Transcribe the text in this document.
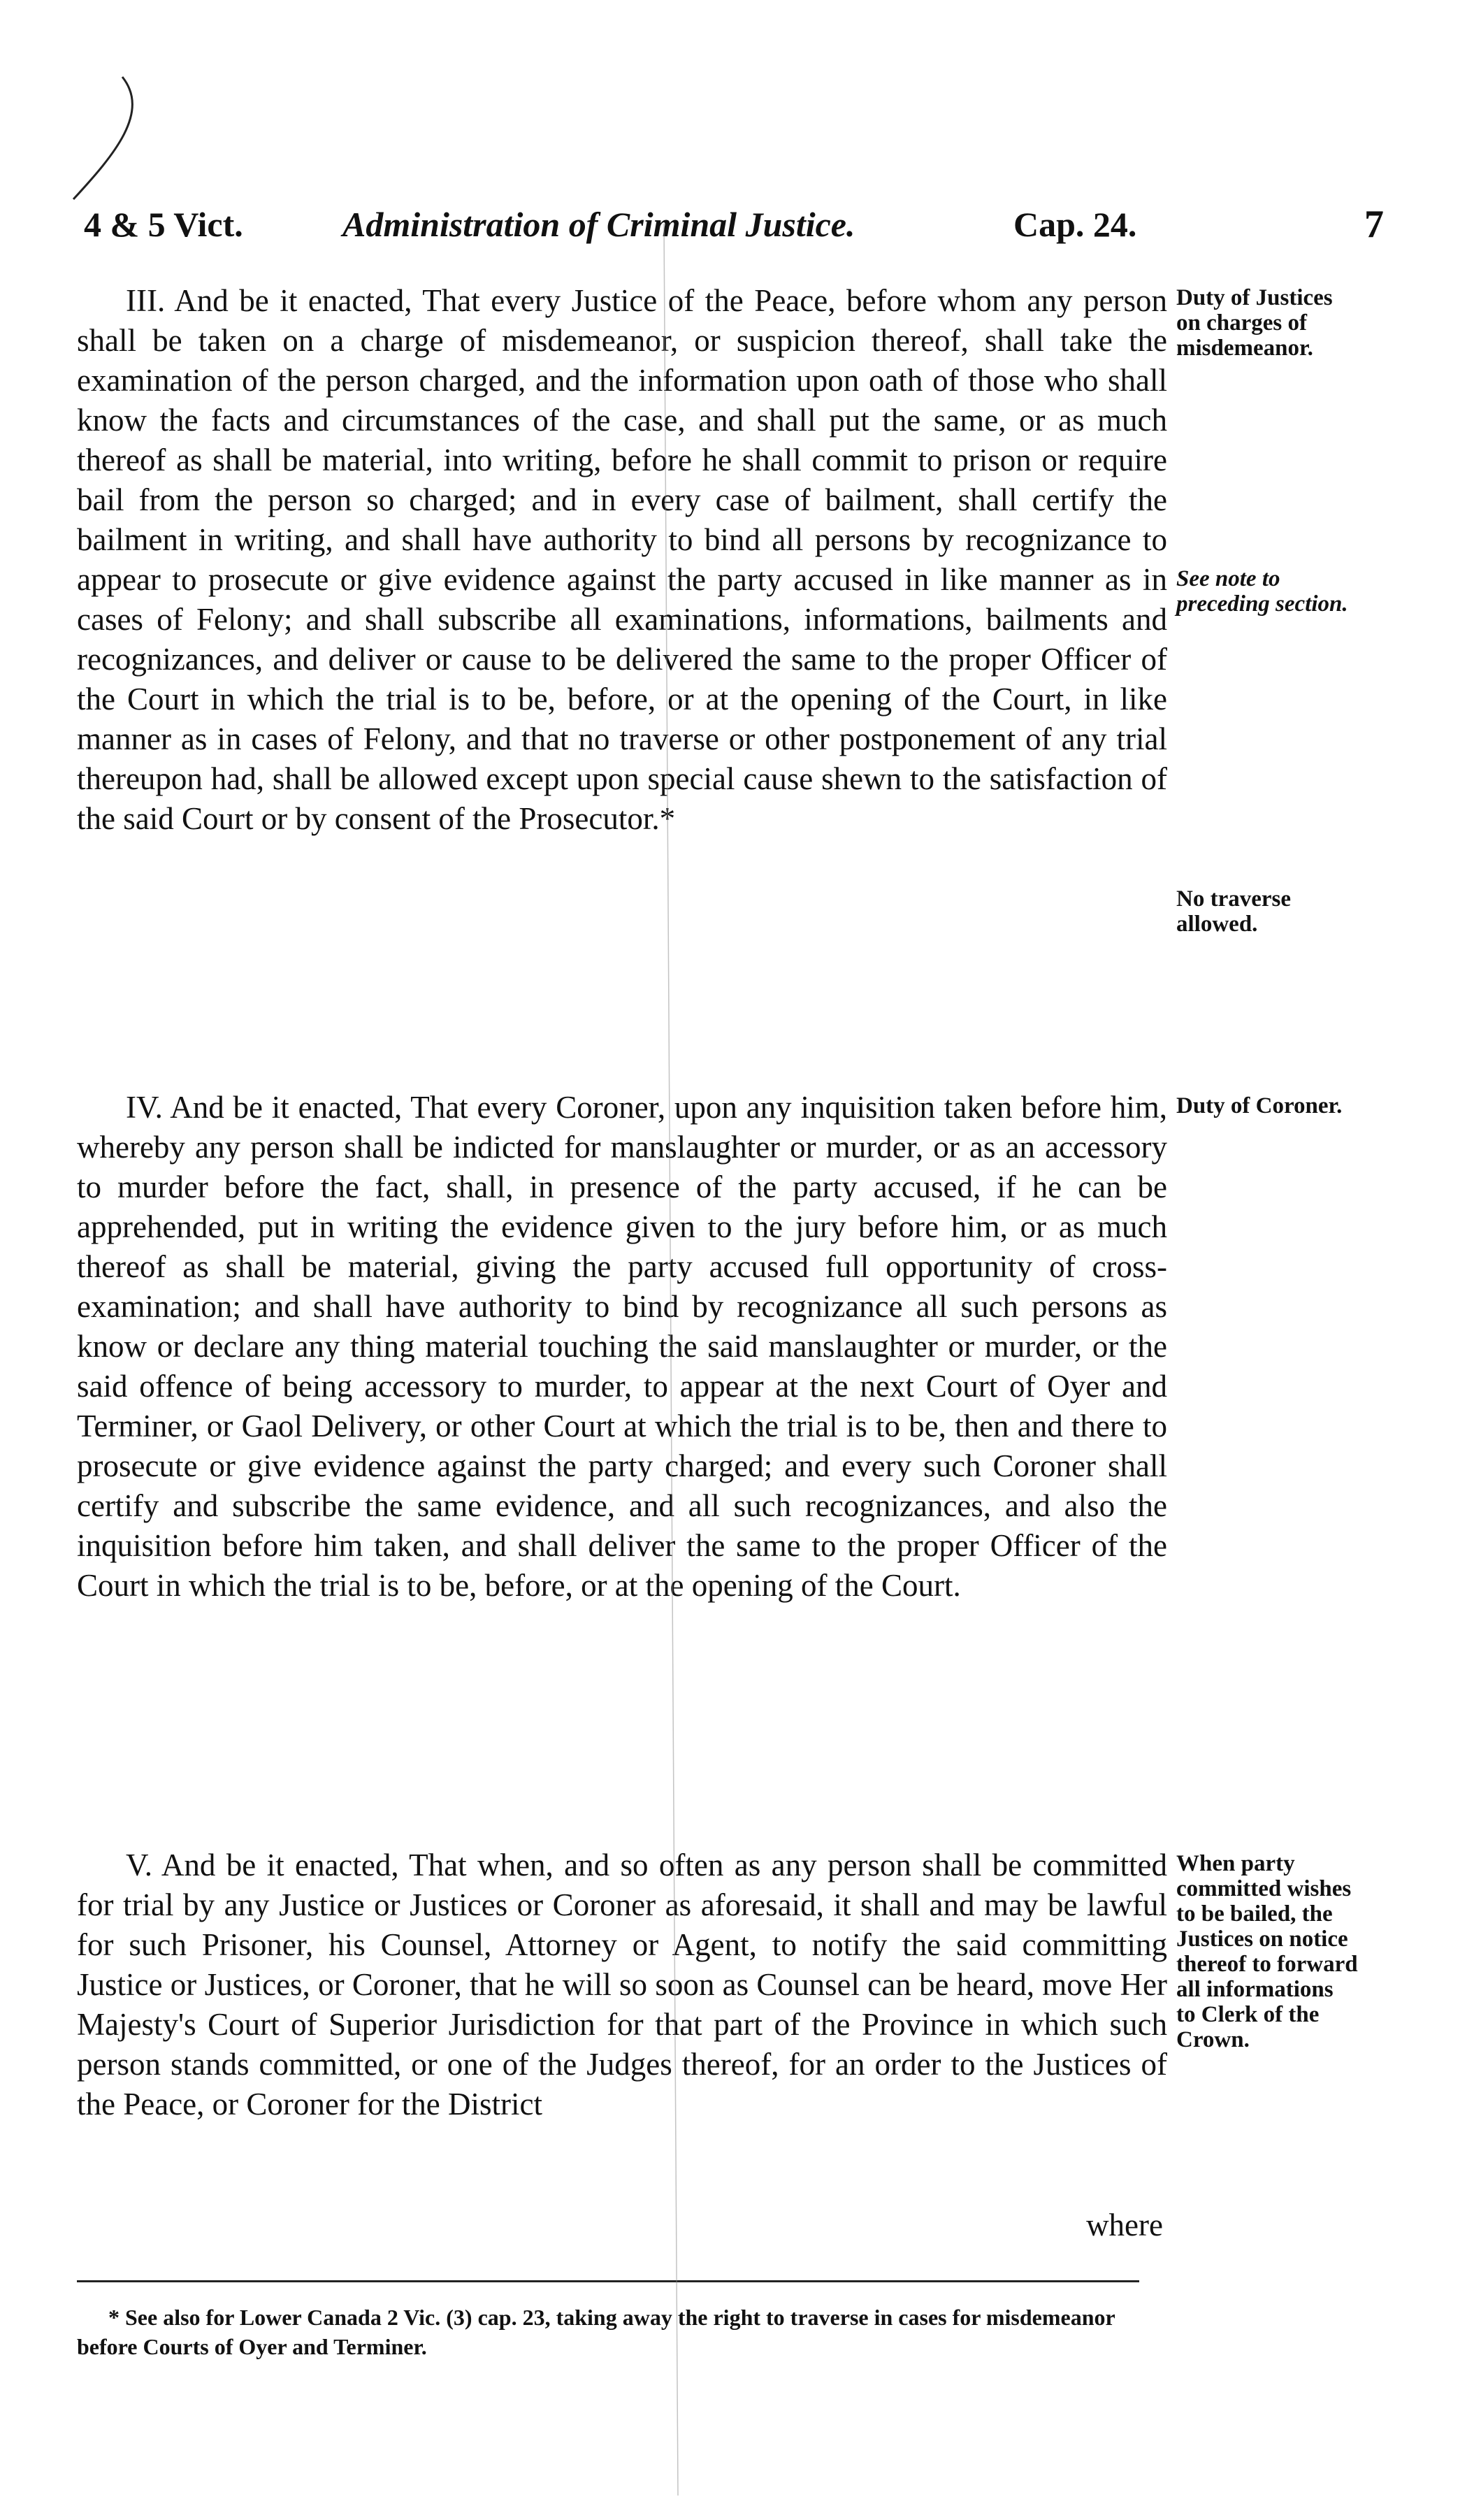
4 & 5 Vict.	Administration of Criminal Justice.	Cap. 24.	7

III. And be it enacted, That every Justice of the Peace, before whom any person shall be taken on a charge of misdemeanor, or suspicion thereof, shall take the examination of the person charged, and the information upon oath of those who shall know the facts and circumstances of the case, and shall put the same, or as much thereof as shall be material, into writing, before he shall commit to prison or require bail from the person so charged; and in every case of bailment, shall certify the bailment in writing, and shall have authority to bind all persons by recognizance to appear to prosecute or give evidence against the party accused in like manner as in cases of Felony; and shall subscribe all examinations, informations, bailments and recognizances, and deliver or cause to be delivered the same to the proper Officer of the Court in which the trial is to be, before, or at the opening of the Court, in like manner as in cases of Felony, and that no traverse or other postponement of any trial thereupon had, shall be allowed except upon special cause shewn to the satisfaction of the said Court or by consent of the Prosecutor.*

IV. And be it enacted, That every Coroner, upon any inquisition taken before him, whereby any person shall be indicted for manslaughter or murder, or as an accessory to murder before the fact, shall, in presence of the party accused, if he can be apprehended, put in writing the evidence given to the jury before him, or as much thereof as shall be material, giving the party accused full opportunity of cross-examination; and shall have authority to bind by recognizance all such persons as know or declare any thing material touching the said manslaughter or murder, or the said offence of being accessory to murder, to appear at the next Court of Oyer and Terminer, or Gaol Delivery, or other Court at which the trial is to be, then and there to prosecute or give evidence against the party charged; and every such Coroner shall certify and subscribe the same evidence, and all such recognizances, and also the inquisition before him taken, and shall deliver the same to the proper Officer of the Court in which the trial is to be, before, or at the opening of the Court.

V. And be it enacted, That when, and so often as any person shall be committed for trial by any Justice or Justices or Coroner as aforesaid, it shall and may be lawful for such Prisoner, his Counsel, Attorney or Agent, to notify the said committing Justice or Justices, or Coroner, that he will so soon as Counsel can be heard, move Her Majesty's Court of Superior Jurisdiction for that part of the Province in which such person stands committed, or one of the Judges thereof, for an order to the Justices of the Peace, or Coroner for the District

where
Duty of Justices on charges of misdemeanor.
See note to preceding section.
No traverse allowed.
Duty of Coroner.
When party committed wishes to be bailed, the Justices on notice thereof to forward all informations to Clerk of the Crown.

* See also for Lower Canada 2 Vic. (3) cap. 23, taking away the right to traverse in cases for misdemeanor before Courts of Oyer and Terminer.
